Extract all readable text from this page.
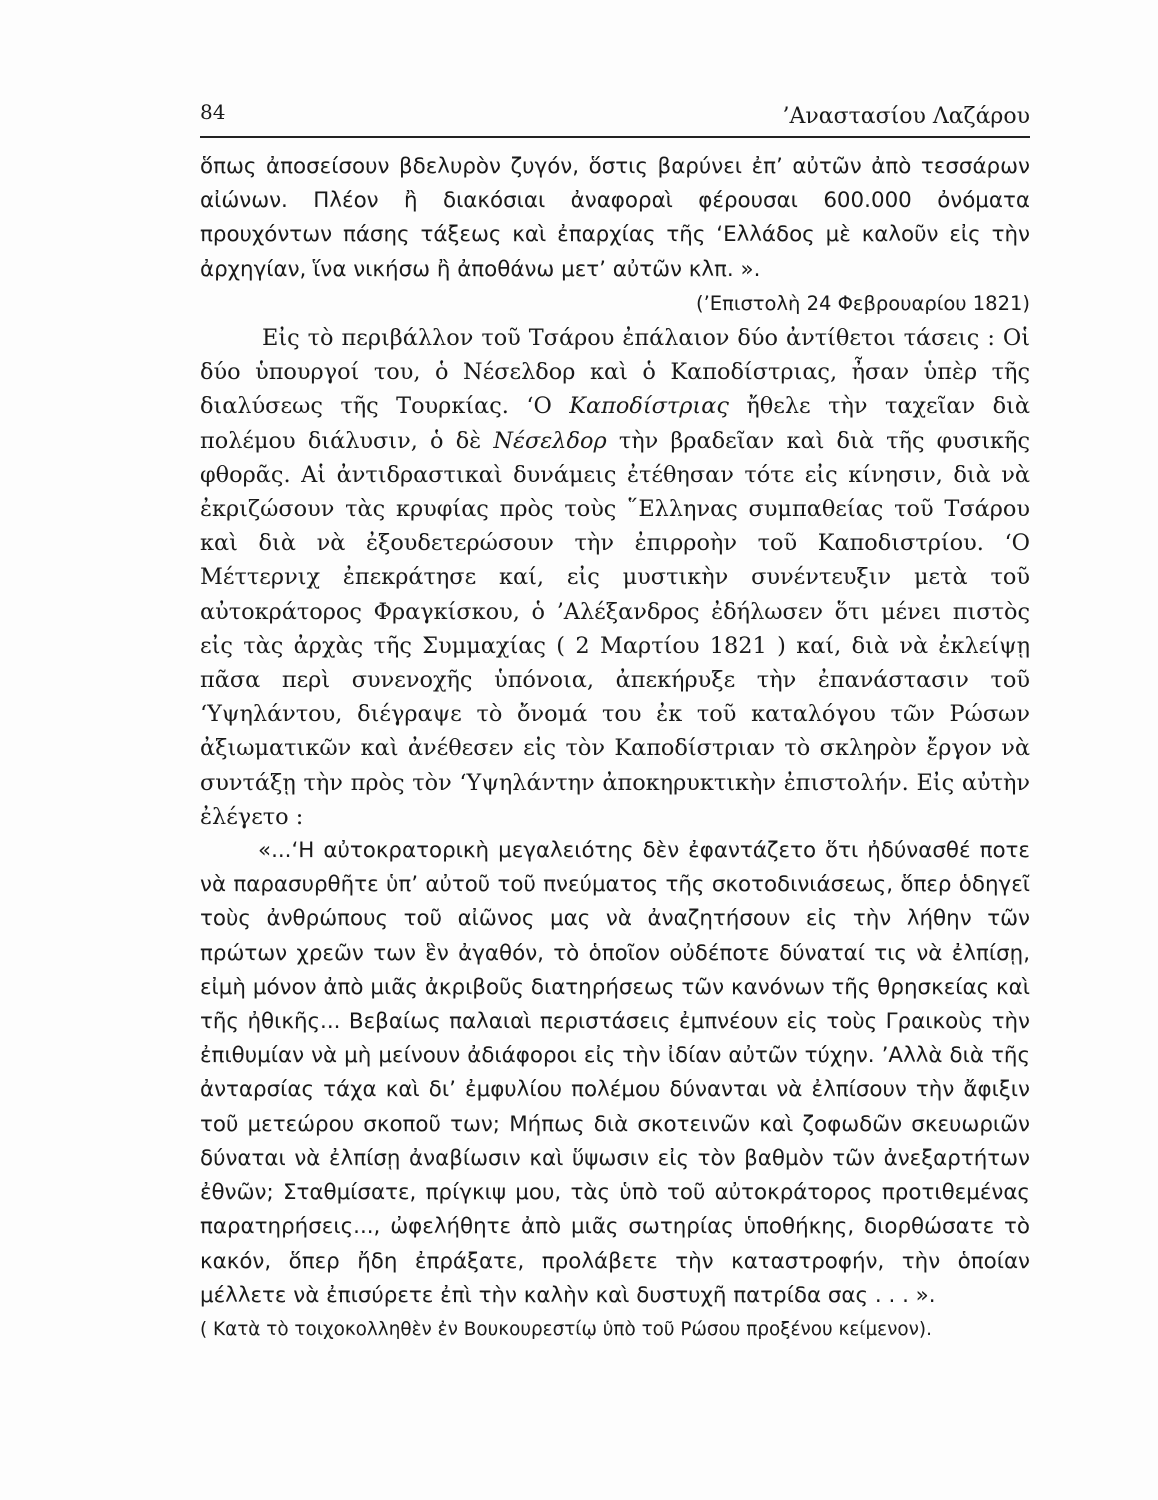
84	’Αναστασίου Λαζάρου

ὅπως ἀποσείσουν βδελυρὸν ζυγόν, ὅστις βαρύνει ἐπ’ αὐτῶν ἀπὸ τεσσάρων αἰώνων. Πλέον ἢ διακόσιαι ἀναφοραὶ φέρουσαι 600.000 ὀνόματα προυχόντων πάσης τάξεως καὶ ἐπαρχίας τῆς ‘Ελλάδος μὲ καλοῦν εἰς τὴν ἀρχηγίαν, ἵνα νικήσω ἢ ἀποθάνω μετ’ αὐτῶν κλπ. ».

(’Επιστολὴ 24 Φεβρουαρίου 1821)

Εἰς τὸ περιβάλλον τοῦ Τσάρου ἐπάλαιον δύο ἀντίθετοι τάσεις : Οἱ δύο ὑπουργοί του, ὁ Νέσελδορ καὶ ὁ Καποδίστριας, ἦσαν ὑπὲρ τῆς διαλύσεως τῆς Τουρκίας. ‘Ο Καποδίστριας ἤθελε τὴν ταχεῖαν διὰ πολέμου διάλυσιν, ὁ δὲ Νέσελδορ τὴν βραδεῖαν καὶ διὰ τῆς φυσικῆς φθορᾶς. Αἱ ἀντιδραστικαὶ δυνάμεις ἐτέθησαν τότε εἰς κίνησιν, διὰ νὰ ἐκριζώσουν τὰς κρυφίας πρὸς τοὺς ῞Ελληνας συμπαθείας τοῦ Τσάρου καὶ διὰ νὰ ἐξουδετερώσουν τὴν ἐπιρροὴν τοῦ Καποδιστρίου. ‘Ο Μέττερνιχ ἐπεκράτησε καί, εἰς μυστικὴν συνέντευξιν μετὰ τοῦ αὐτοκράτορος Φραγκίσκου, ὁ ’Αλέξανδρος ἐδήλωσεν ὅτι μένει πιστὸς εἰς τὰς ἀρχὰς τῆς Συμμαχίας ( 2 Μαρτίου 1821 ) καί, διὰ νὰ ἐκλείψῃ πᾶσα περὶ συνενοχῆς ὑπόνοια, ἀπεκήρυξε τὴν ἐπανάστασιν τοῦ ‘Υψηλάντου, διέγραψε τὸ ὄνομά του ἐκ τοῦ καταλόγου τῶν Ρώσων ἀξιωματικῶν καὶ ἀνέθεσεν εἰς τὸν Καποδίστριαν τὸ σκληρὸν ἔργον νὰ συντάξῃ τὴν πρὸς τὸν ‘Υψηλάντην ἀποκηρυκτικὴν ἐπιστολήν. Εἰς αὐτὴν ἐλέγετο :

«...‘Η αὐτοκρατορικὴ μεγαλειότης δὲν ἐφαντάζετο ὅτι ἠδύνασθέ ποτε νὰ παρασυρθῆτε ὑπ’ αὐτοῦ τοῦ πνεύματος τῆς σκοτοδινιάσεως, ὅπερ ὁδηγεῖ τοὺς ἀνθρώπους τοῦ αἰῶνος μας νὰ ἀναζητήσουν εἰς τὴν λήθην τῶν πρώτων χρεῶν των ἓν ἀγαθόν, τὸ ὁποῖον οὐδέποτε δύναταί τις νὰ ἐλπίσῃ, εἰμὴ μόνον ἀπὸ μιᾶς ἀκριβοῦς διατηρήσεως τῶν κανόνων τῆς θρησκείας καὶ τῆς ἠθικῆς... Βεβαίως παλαιαὶ περιστάσεις ἐμπνέουν εἰς τοὺς Γραικοὺς τὴν ἐπιθυμίαν νὰ μὴ μείνουν ἀδιάφοροι εἰς τὴν ἰδίαν αὐτῶν τύχην. ’Αλλὰ διὰ τῆς ἀνταρσίας τάχα καὶ δι’ ἐμφυλίου πολέμου δύνανται νὰ ἐλπίσουν τὴν ἄφιξιν τοῦ μετεώρου σκοποῦ των; Μήπως διὰ σκοτεινῶν καὶ ζοφωδῶν σκευωριῶν δύναται νὰ ἐλπίσῃ ἀναβίωσιν καὶ ὕψωσιν εἰς τὸν βαθμὸν τῶν ἀνεξαρτήτων ἐθνῶν; Σταθμίσατε, πρίγκιψ μου, τὰς ὑπὸ τοῦ αὐτοκράτορος προτιθεμένας παρατηρήσεις..., ὠφελήθητε ἀπὸ μιᾶς σωτηρίας ὑποθήκης, διορθώσατε τὸ κακόν, ὅπερ ἤδη ἐπράξατε, προλάβετε τὴν καταστροφήν, τὴν ὁποίαν μέλλετε νὰ ἐπισύρετε ἐπὶ τὴν καλὴν καὶ δυστυχῆ πατρίδα σας . . . ».

( Κατὰ τὸ τοιχοκολληθὲν ἐν Βουκουρεστίῳ ὑπὸ τοῦ Ρώσου προξένου κείμενον).
